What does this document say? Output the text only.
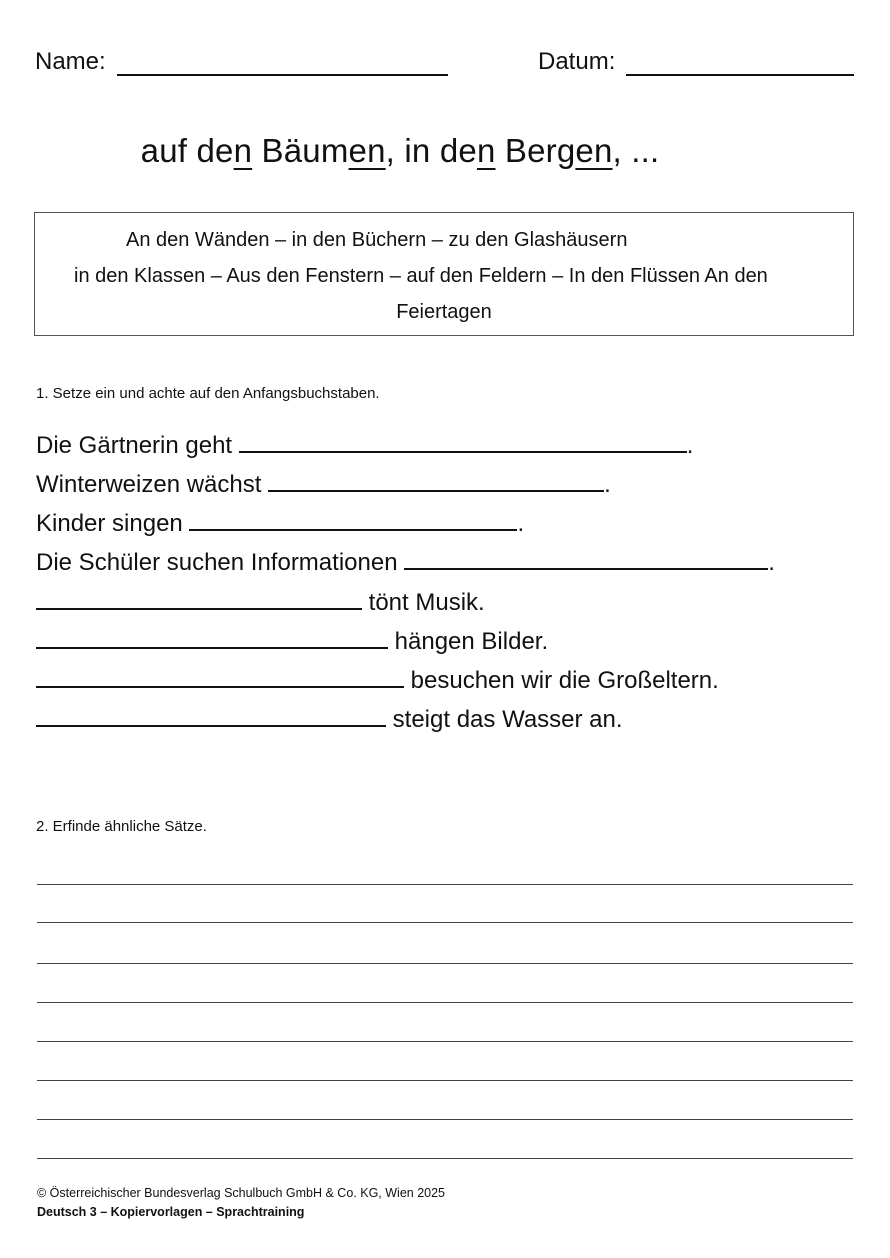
Name:	Datum:
auf den Bäumen, in den Bergen, ...
An den Wänden – in den Büchern – zu den Glashäusern
in den Klassen – Aus den Fenstern – auf den Feldern – In den Flüssen An den
Feiertagen
1. Setze ein und achte auf den Anfangsbuchstaben.
Die Gärtnerin geht	.
Winterweizen wächst	.
Kinder singen	.
Die Schüler suchen Informationen	.
tönt Musik.
hängen Bilder.
besuchen wir die Großeltern.
steigt das Wasser an.
2. Erfinde ähnliche Sätze.
© Österreichischer Bundesverlag Schulbuch GmbH & Co. KG, Wien 2025
Deutsch 3 – Kopiervorlagen – Sprachtraining
